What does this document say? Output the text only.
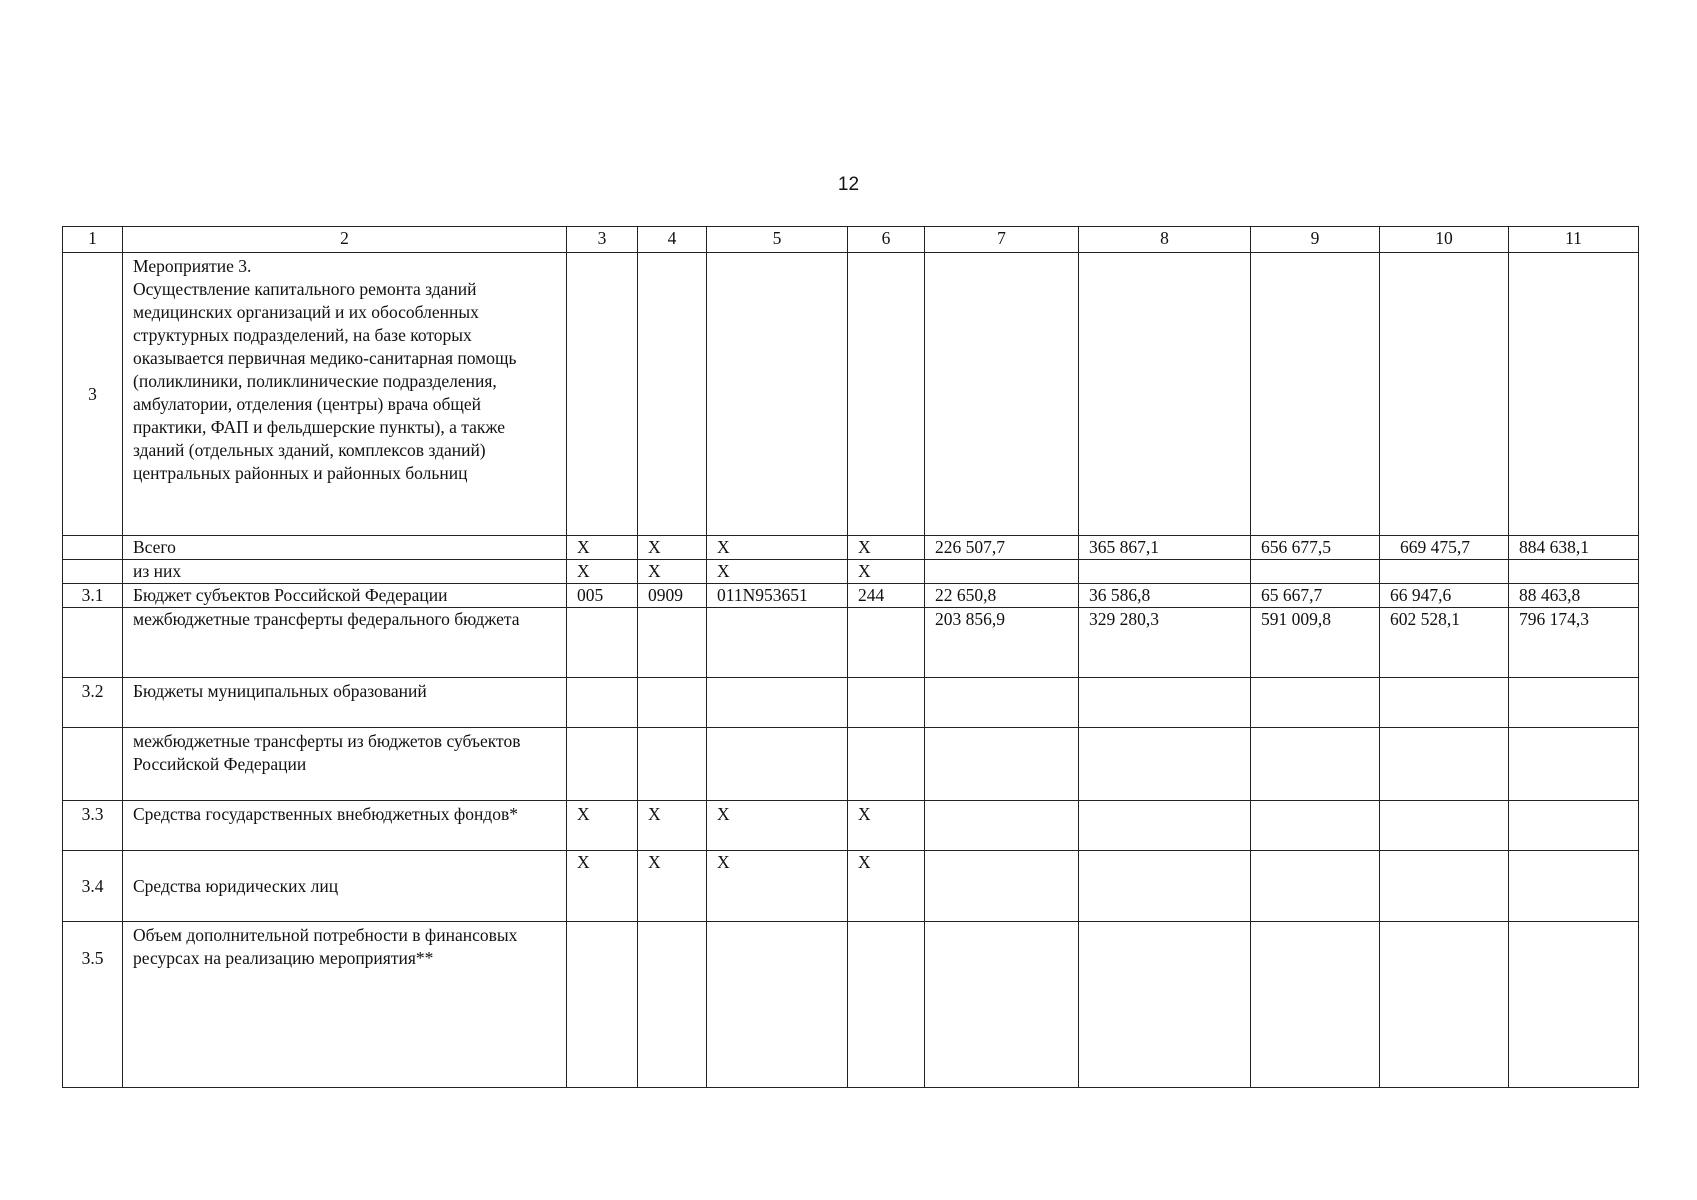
12
1	2	3	4	5	6	7	8	9	10	11
3	Мероприятие 3.
Осуществление капитального ремонта зданий медицинских организаций и их обособленных структурных подразделений, на базе которых оказывается первичная медико-санитарная помощь (поликлиники, поликлинические подразделения, амбулатории, отделения (центры) врача общей практики, ФАП и фельдшерские пункты), а также зданий (отдельных зданий, комплексов зданий) центральных районных и районных больниц									
	Всего	X	X	X	X	226 507,7	365 867,1	656 677,5	669 475,7	884 638,1
	из них	X	X	X	X					
3.1	Бюджет субъектов Российской Федерации	005	0909	011N953651	244	22 650,8	36 586,8	65 667,7	66 947,6	88 463,8
	межбюджетные трансферты федерального бюджета					203 856,9	329 280,3	591 009,8	602 528,1	796 174,3
3.2	Бюджеты муниципальных образований									
	межбюджетные трансферты из бюджетов субъектов Российской Федерации									
3.3	Средства государственных внебюджетных фондов*	X	X	X	X					
3.4	Средства юридических лиц	X	X	X	X					
3.5	Объем дополнительной потребности в финансовых ресурсах на реализацию мероприятия**									
